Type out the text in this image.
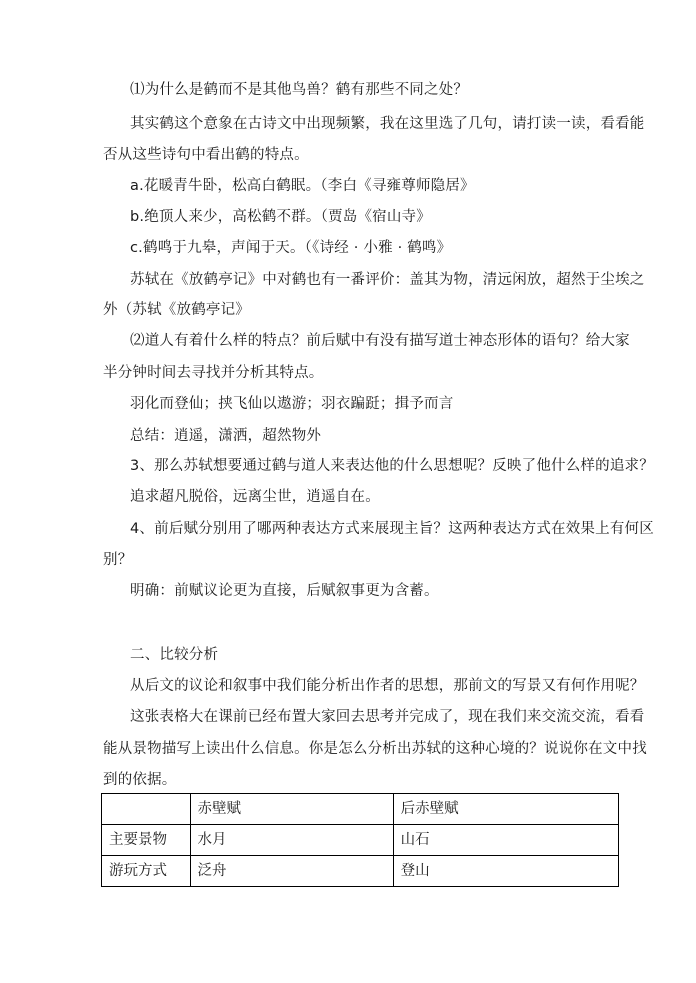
⑴为什么是鹤而不是其他鸟兽？鹤有那些不同之处？
其实鹤这个意象在古诗文中出现频繁，我在这里选了几句，请打读一读，看看能
否从这些诗句中看出鹤的特点。
a.花暖青牛卧，松高白鹤眠。（李白《寻雍尊师隐居》
b.绝顶人来少，高松鹤不群。（贾岛《宿山寺》
c.鹤鸣于九皋，声闻于天。（《诗经 · 小雅 · 鹤鸣》
苏轼在《放鹤亭记》中对鹤也有一番评价：盖其为物，清远闲放，超然于尘埃之
外（苏轼《放鹤亭记》
⑵道人有着什么样的特点？前后赋中有没有描写道士神态形体的语句？给大家
半分钟时间去寻找并分析其特点。
羽化而登仙；挟飞仙以遨游；羽衣蹁跹；揖予而言
总结：逍遥，潇洒，超然物外
3、那么苏轼想要通过鹤与道人来表达他的什么思想呢？反映了他什么样的追求？
追求超凡脱俗，远离尘世，逍遥自在。
4、前后赋分别用了哪两种表达方式来展现主旨？这两种表达方式在效果上有何区
别？
明确：前赋议论更为直接，后赋叙事更为含蓄。
二、比较分析
从后文的议论和叙事中我们能分析出作者的思想，那前文的写景又有何作用呢？
这张表格大在课前已经布置大家回去思考并完成了，现在我们来交流交流，看看
能从景物描写上读出什么信息。你是怎么分析出苏轼的这种心境的？说说你在文中找
到的依据。
	赤壁赋	后赤壁赋
主要景物	水月	山石
游玩方式	泛舟	登山
